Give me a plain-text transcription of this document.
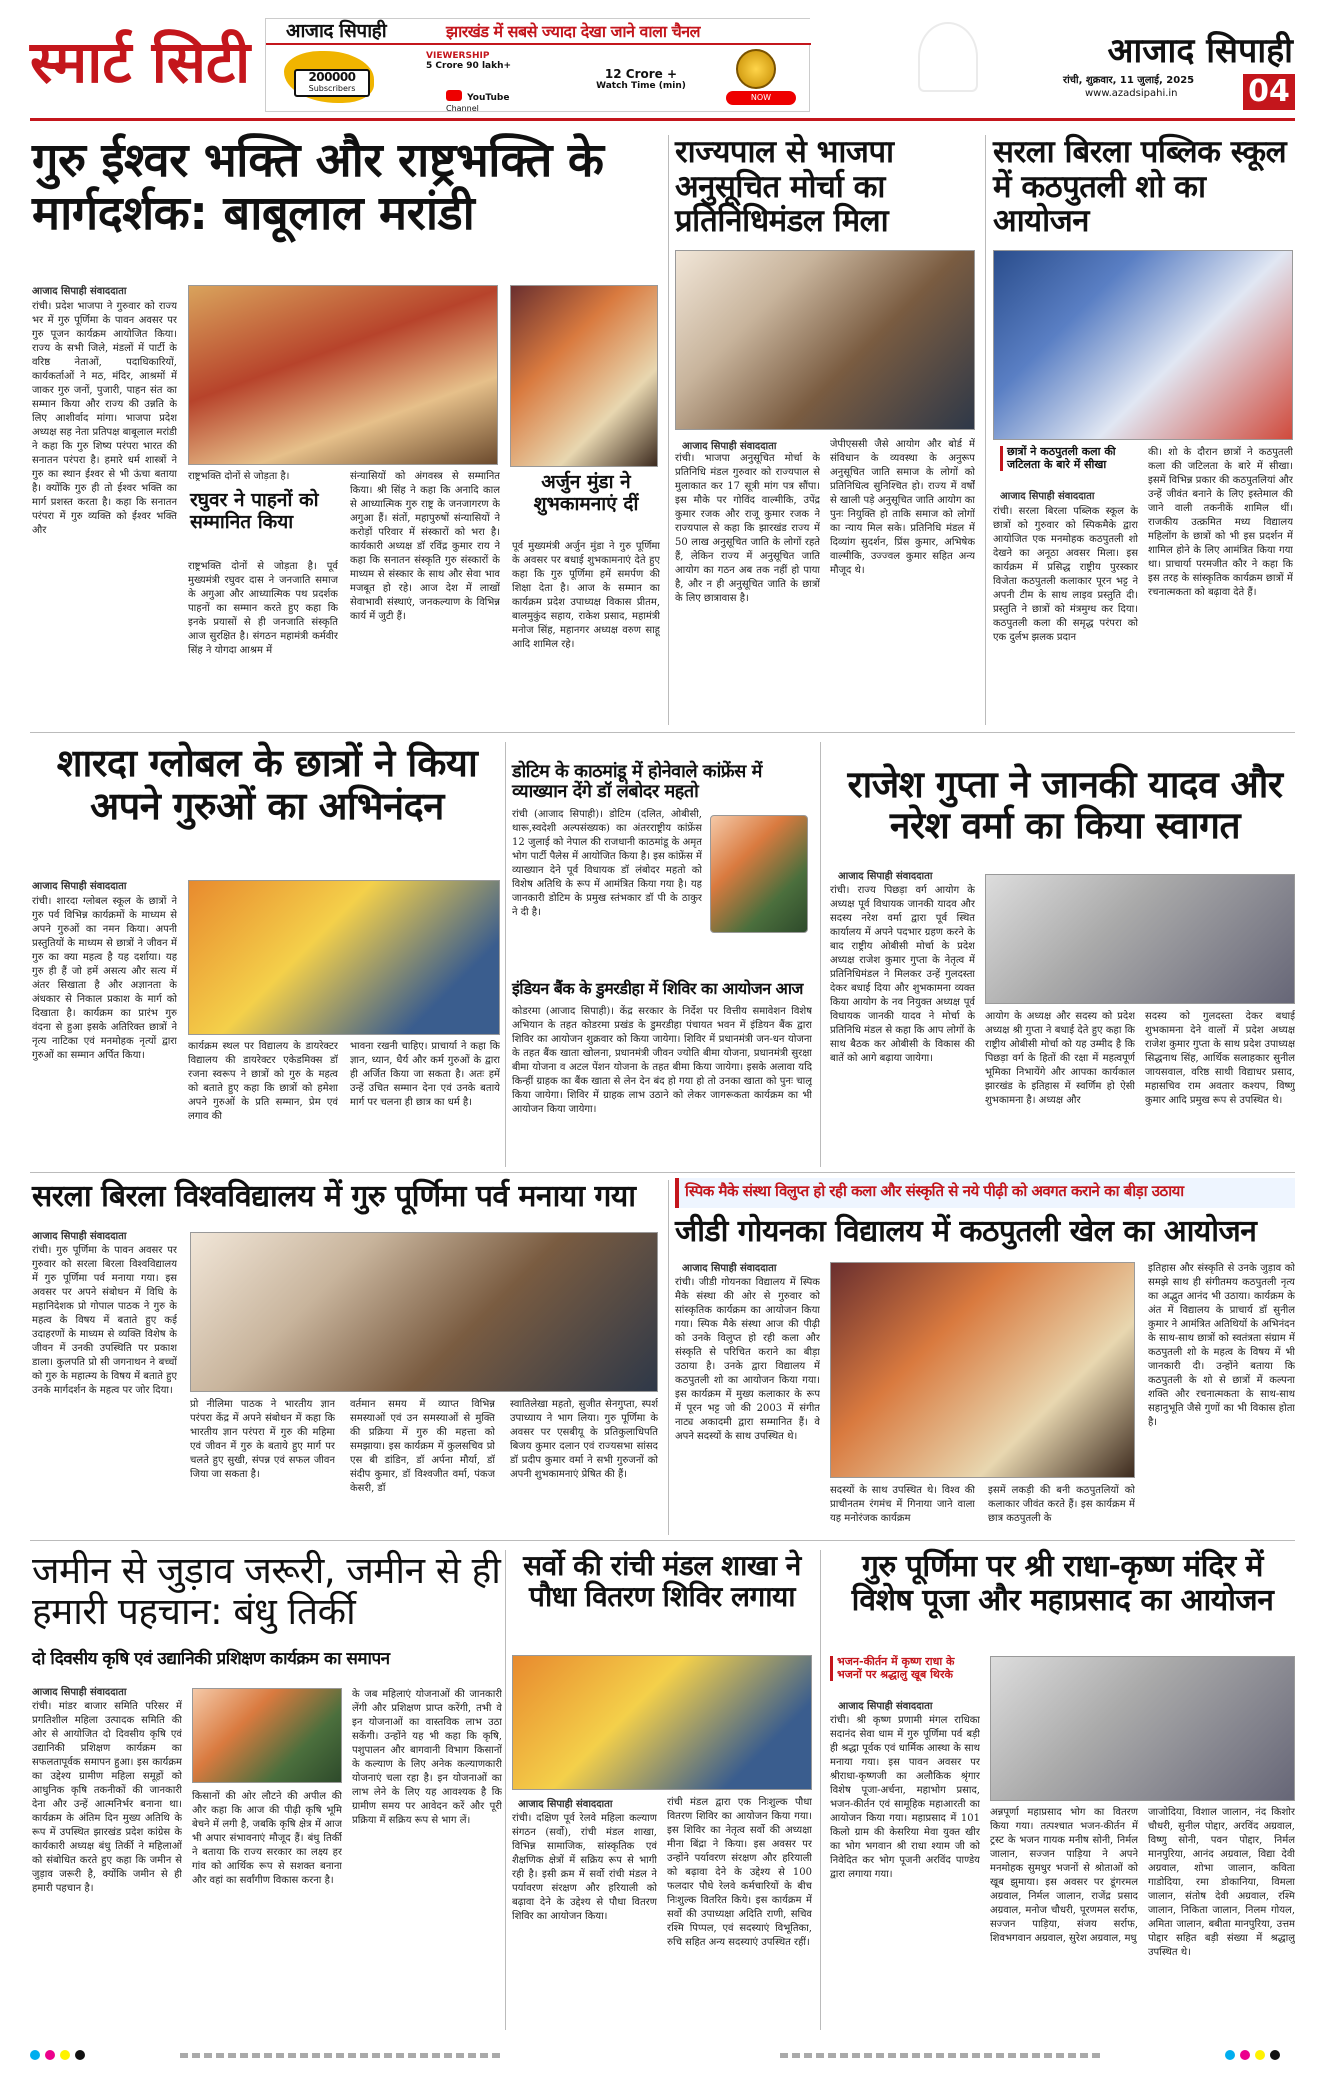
स्मार्ट सिटी आजाद सिपाही	झारखंड में सबसे ज्यादा देखा जाने वाला चैनल
200000
Subscribers
VIEWERSHIP
5 Crore 90 lakh+
12 Crore +
Watch Time (min)
YouTube
Channel
NOW
आजाद सिपाही
रांची, शुक्रवार, 11 जुलाई, 2025
www.azadsipahi.in 04
गुरु ईश्वर भक्ति और राष्ट्रभक्ति के मार्गदर्शक: बाबूलाल मरांडी
आजाद सिपाही संवाददाता
रांची। प्रदेश भाजपा ने गुरुवार को राज्य भर में गुरु पूर्णिमा के पावन अवसर पर गुरु पूजन कार्यक्रम आयोजित किया। राज्य के सभी जिले, मंडलों में पार्टी के वरिष्ठ नेताओं, पदाधिकारियों, कार्यकर्ताओं ने मठ, मंदिर, आश्रमों में जाकर गुरु जनों, पुजारी, पाहन संत का सम्मान किया और राज्य की उन्नति के लिए आशीर्वाद मांगा। भाजपा प्रदेश अध्यक्ष सह नेता प्रतिपक्ष बाबूलाल मरांडी ने कहा कि गुरु शिष्य परंपरा भारत की सनातन परंपरा है। हमारे धर्म शास्त्रों ने गुरु का स्थान ईश्वर से भी ऊंचा बताया है। क्योंकि गुरु ही तो ईश्वर भक्ति का मार्ग प्रशस्त करता है। कहा कि सनातन परंपरा में गुरु व्यक्ति को ईश्वर भक्ति और
राष्ट्रभक्ति दोनों से जोड़ता है।
रघुवर ने पाहनों को सम्मानित किया
राष्ट्रभक्ति दोनों से जोड़ता है। पूर्व मुख्यमंत्री रघुवर दास ने जनजाति समाज के अगुआ और आध्यात्मिक पथ प्रदर्शक पाहनों का सम्मान करते हुए कहा कि इनके प्रयासों से ही जनजाति संस्कृति आज सुरक्षित है। संगठन महामंत्री कर्मवीर सिंह ने योगदा आश्रम में
संन्यासियों को अंगवस्त्र से सम्मानित किया। श्री सिंह ने कहा कि अनादि काल से आध्यात्मिक गुरु राष्ट्र के जनजागरण के अगुआ हैं। संतों, महापुरुषों संन्यासियों ने करोड़ों परिवार में संस्कारों को भरा है। कार्यकारी अध्यक्ष डॉ रविंद्र कुमार राय ने कहा कि सनातन संस्कृति गुरु संस्कारों के माध्यम से संस्कार के साथ और सेवा भाव मजबूत हो रहे। आज देश में लाखों सेवाभावी संस्थाएं, जनकल्याण के विभिन्न कार्य में जुटी हैं।
अर्जुन मुंडा ने शुभकामनाएं दीं
पूर्व मुख्यमंत्री अर्जुन मुंडा ने गुरु पूर्णिमा के अवसर पर बधाई शुभकामनाएं देते हुए कहा कि गुरु पूर्णिमा हमें समर्पण की शिक्षा देता है। आज के सम्मान का कार्यक्रम प्रदेश उपाध्यक्ष विकास प्रीतम, बालमुकुंद सहाय, राकेश प्रसाद, महामंत्री मनोज सिंह, महानगर अध्यक्ष वरुण साहू आदि शामिल रहे।
राज्यपाल से भाजपा अनुसूचित मोर्चा का प्रतिनिधिमंडल मिला
आजाद सिपाही संवाददाता
रांची। भाजपा अनुसूचित मोर्चा के प्रतिनिधि मंडल गुरुवार को राज्यपाल से मुलाकात कर 17 सूत्री मांग पत्र सौंपा। इस मौके पर गोविंद वाल्मीकि, उपेंद्र कुमार रजक और राजू कुमार रजक ने राज्यपाल से कहा कि झारखंड राज्य में 50 लाख अनुसूचित जाति के लोगों रहते हैं, लेकिन राज्य में अनुसूचित जाति आयोग का गठन अब तक नहीं हो पाया है, और न ही अनुसूचित जाति के छात्रों के लिए छात्रावास है।
जेपीएससी जैसे आयोग और बोर्ड में संविधान के व्यवस्था के अनुरूप अनुसूचित जाति समाज के लोगों को प्रतिनिधित्व सुनिश्चित हो। राज्य में वर्षों से खाली पड़े अनुसूचित जाति आयोग का पुनः नियुक्ति हो ताकि समाज को लोगों का न्याय मिल सके। प्रतिनिधि मंडल में दिव्यांग सुदर्शन, प्रिंस कुमार, अभिषेक वाल्मीकि, उज्ज्वल कुमार सहित अन्य मौजूद थे।
सरला बिरला पब्लिक स्कूल में कठपुतली शो का आयोजन
छात्रों ने कठपुतली कला की जटिलता के बारे में सीखा
आजाद सिपाही संवाददाता
रांची। सरला बिरला पब्लिक स्कूल के छात्रों को गुरुवार को स्पिकमैके द्वारा आयोजित एक मनमोहक कठपुतली शो देखने का अनूठा अवसर मिला। इस कार्यक्रम में प्रसिद्ध राष्ट्रीय पुरस्कार विजेता कठपुतली कलाकार पूरन भट्ट ने अपनी टीम के साथ लाइव प्रस्तुति दी। प्रस्तुति ने छात्रों को मंत्रमुग्ध कर दिया। कठपुतली कला की समृद्ध परंपरा को एक दुर्लभ झलक प्रदान
की। शो के दौरान छात्रों ने कठपुतली कला की जटिलता के बारे में सीखा। इसमें विभिन्न प्रकार की कठपुतलियां और उन्हें जीवंत बनाने के लिए इस्तेमाल की जाने वाली तकनीकें शामिल थीं। राजकीय उत्क्रमित मध्य विद्यालय महिलोंग के छात्रों को भी इस प्रदर्शन में शामिल होने के लिए आमंत्रित किया गया था। प्राचार्या परमजीत कौर ने कहा कि इस तरह के सांस्कृतिक कार्यक्रम छात्रों में रचनात्मकता को बढ़ावा देते हैं।
शारदा ग्लोबल के छात्रों ने किया अपने गुरुओं का अभिनंदन
आजाद सिपाही संवाददाता
रांची। शारदा ग्लोबल स्कूल के छात्रों ने गुरु पर्व विभिन्न कार्यक्रमों के माध्यम से अपने गुरुओं का नमन किया। अपनी प्रस्तुतियों के माध्यम से छात्रों ने जीवन में गुरु का क्या महत्व है यह दर्शाया। यह गुरु ही हैं जो हमें असत्य और सत्य में अंतर सिखाता है और अज्ञानता के अंधकार से निकाल प्रकाश के मार्ग को दिखाता है। कार्यक्रम का प्रारंभ गुरु वंदना से हुआ इसके अतिरिक्त छात्रों ने नृत्य नाटिका एवं मनमोहक नृत्यों द्वारा गुरुओं का सम्मान अर्पित किया।
कार्यक्रम स्थल पर विद्यालय के डायरेक्टर विद्यालय की डायरेक्टर एकेडमिक्स डॉ रजना स्वरूप ने छात्रों को गुरु के महत्व को बताते हुए कहा कि छात्रों को हमेशा अपने गुरुओं के प्रति सम्मान, प्रेम एवं लगाव की
भावना रखनी चाहिए। प्राचार्या ने कहा कि ज्ञान, ध्यान, धैर्य और कर्म गुरुओं के द्वारा ही अर्जित किया जा सकता है। अतः हमें उन्हें उचित सम्मान देना एवं उनके बताये मार्ग पर चलना ही छात्र का धर्म है।
डोटिम के काठमांडू में होनेवाले कांफ्रेंस में व्याख्यान देंगे डॉ लंबोदर महतो
रांची (आजाद सिपाही)। डोटिम (दलित, ओबीसी, थारू,स्वदेशी अल्पसंख्यक) का अंतरराष्ट्रीय कांफ्रेंस 12 जुलाई को नेपाल की राजधानी काठमांडू के अमृत भोग पार्टी पैलेस में आयोजित किया है। इस कांफ्रेंस में व्याख्यान देने पूर्व विधायक डॉ लंबोदर महतो को विशेष अतिथि के रूप में आमंत्रित किया गया है। यह जानकारी डोटिम के प्रमुख स्तंभकार डॉ पी के ठाकुर ने दी है।
इंडियन बैंक के डुमरडीहा में शिविर का आयोजन आज
कोडरमा (आजाद सिपाही)। केंद्र सरकार के निर्देश पर वित्तीय समावेशन विशेष अभियान के तहत कोडरमा प्रखंड के डुमरडीहा पंचायत भवन में इंडियन बैंक द्वारा शिविर का आयोजन शुक्रवार को किया जायेगा। शिविर में प्रधानमंत्री जन-धन योजना के तहत बैंक खाता खोलना, प्रधानमंत्री जीवन ज्योति बीमा योजना, प्रधानमंत्री सुरक्षा बीमा योजना व अटल पेंशन योजना के तहत बीमा किया जायेगा। इसके अलावा यदि किन्हीं ग्राहक का बैंक खाता से लेन देन बंद हो गया हो तो उनका खाता को पुनः चालू किया जायेगा। शिविर में ग्राहक लाभ उठाने को लेकर जागरूकता कार्यक्रम का भी आयोजन किया जायेगा।
राजेश गुप्ता ने जानकी यादव और नरेश वर्मा का किया स्वागत
आजाद सिपाही संवाददाता
रांची। राज्य पिछड़ा वर्ग आयोग के अध्यक्ष पूर्व विधायक जानकी यादव और सदस्य नरेश वर्मा द्वारा पूर्व स्थित कार्यालय में अपने पदभार ग्रहण करने के बाद राष्ट्रीय ओबीसी मोर्चा के प्रदेश अध्यक्ष राजेश कुमार गुप्ता के नेतृत्व में प्रतिनिधिमंडल ने मिलकर उन्हें गुलदस्ता देकर बधाई दिया और शुभकामना व्यक्त किया आयोग के नव नियुक्त अध्यक्ष पूर्व विधायक जानकी यादव ने मोर्चा के प्रतिनिधि मंडल से कहा कि आप लोगों के साथ बैठक कर ओबीसी के विकास की बातें को आगे बढ़ाया जायेगा।
आयोग के अध्यक्ष और सदस्य को प्रदेश अध्यक्ष श्री गुप्ता ने बधाई देते हुए कहा कि राष्ट्रीय ओबीसी मोर्चा को यह उम्मीद है कि पिछड़ा वर्ग के हितों की रक्षा में महत्वपूर्ण भूमिका निभायेंगे और आपका कार्यकाल झारखंड के इतिहास में स्वर्णिम हो ऐसी शुभकामना है। अध्यक्ष और
सदस्य को गुलदस्ता देकर बधाई शुभकामना देने वालों में प्रदेश अध्यक्ष राजेश कुमार गुप्ता के साथ प्रदेश उपाध्यक्ष सिद्धनाथ सिंह, आर्थिक सलाहकार सुनील जायसवाल, वरिष्ठ साथी विद्याधर प्रसाद, महासचिव राम अवतार कश्यप, विष्णु कुमार आदि प्रमुख रूप से उपस्थित थे।
सरला बिरला विश्वविद्यालय में गुरु पूर्णिमा पर्व मनाया गया
आजाद सिपाही संवाददाता
रांची। गुरु पूर्णिमा के पावन अवसर पर गुरुवार को सरला बिरला विश्वविद्यालय में गुरु पूर्णिमा पर्व मनाया गया। इस अवसर पर अपने संबोधन में विधि के महानिदेशक प्रो गोपाल पाठक ने गुरु के महत्व के विषय में बताते हुए कई उदाहरणों के माध्यम से व्यक्ति विशेष के जीवन में उनकी उपस्थिति पर प्रकाश डाला। कुलपति प्रो सी जगनाथन ने बच्चों को गुरु के महात्म्य के विषय में बताते हुए उनके मार्गदर्शन के महत्व पर जोर दिया।
प्रो नीलिमा पाठक ने भारतीय ज्ञान परंपरा केंद्र में अपने संबोधन में कहा कि भारतीय ज्ञान परंपरा में गुरु की महिमा एवं जीवन में गुरु के बताये हुए मार्ग पर चलते हुए सुखी, संपन्न एवं सफल जीवन जिया जा सकता है।
वर्तमान समय में व्याप्त विभिन्न समस्याओं एवं उन समस्याओं से मुक्ति की प्रक्रिया में गुरु की महत्ता को समझाया। इस कार्यक्रम में कुलसचिव प्रो एस बी डांडिन, डॉ अर्पना मौर्या, डॉ संदीप कुमार, डॉ विश्वजीत वर्मा, पंकज केसरी, डॉ
स्वातिलेखा महतो, सुजीत सेनगुप्ता, स्पर्श उपाध्याय ने भाग लिया। गुरु पूर्णिमा के अवसर पर एसबीयू के प्रतिकुलाधिपति बिजय कुमार दलान एवं राज्यसभा सांसद डॉ प्रदीप कुमार वर्मा ने सभी गुरुजनों को अपनी शुभकामनाएं प्रेषित की हैं।
स्पिक मैके संस्था विलुप्त हो रही कला और संस्कृति से नये पीढ़ी को अवगत कराने का बीड़ा उठाया
जीडी गोयनका विद्यालय में कठपुतली खेल का आयोजन
आजाद सिपाही संवाददाता
रांची। जीडी गोयनका विद्यालय में स्पिक मैके संस्था की ओर से गुरुवार को सांस्कृतिक कार्यक्रम का आयोजन किया गया। स्पिक मैके संस्था आज की पीढ़ी को उनके विलुप्त हो रही कला और संस्कृति से परिचित कराने का बीड़ा उठाया है। उनके द्वारा विद्यालय में कठपुतली शो का आयोजन किया गया। इस कार्यक्रम में मुख्य कलाकार के रूप में पूरन भट्ट जो की 2003 में संगीत नाट्य अकादमी द्वारा सम्मानित हैं। वे अपने सदस्यों के साथ उपस्थित थे।
सदस्यों के साथ उपस्थित थे। विश्व की प्राचीनतम रंगमंच में गिनाया जाने वाला यह मनोरंजक कार्यक्रम
इसमें लकड़ी की बनी कठपुतलियों को कलाकार जीवंत करते हैं। इस कार्यक्रम में छात्र कठपुतली के
इतिहास और संस्कृति से उनके जुड़ाव को समझे साथ ही संगीतमय कठपुतली नृत्य का अद्भुत आनंद भी उठाया। कार्यक्रम के अंत में विद्यालय के प्राचार्य डॉ सुनील कुमार ने आमंत्रित अतिथियों के अभिनंदन के साथ-साथ छात्रों को स्वतंत्रता संग्राम में कठपुतली शो के महत्व के विषय में भी जानकारी दी। उन्होंने बताया कि कठपुतली के शो से छात्रों में कल्पना शक्ति और रचनात्मकता के साथ-साथ सहानुभूति जैसे गुणों का भी विकास होता है।
जमीन से जुड़ाव जरूरी, जमीन से ही हमारी पहचान: बंधु तिर्की
दो दिवसीय कृषि एवं उद्यानिकी प्रशिक्षण कार्यक्रम का समापन
आजाद सिपाही संवाददाता
रांची। मांडर बाजार समिति परिसर में प्रगतिशील महिला उत्पादक समिति की ओर से आयोजित दो दिवसीय कृषि एवं उद्यानिकी प्रशिक्षण कार्यक्रम का सफलतापूर्वक समापन हुआ। इस कार्यक्रम का उद्देश्य ग्रामीण महिला समूहों को आधुनिक कृषि तकनीकों की जानकारी देना और उन्हें आत्मनिर्भर बनाना था। कार्यक्रम के अंतिम दिन मुख्य अतिथि के रूप में उपस्थित झारखंड प्रदेश कांग्रेस के कार्यकारी अध्यक्ष बंधु तिर्की ने महिलाओं को संबोधित करते हुए कहा कि जमीन से जुड़ाव जरूरी है, क्योंकि जमीन से ही हमारी पहचान है।
किसानों की ओर लौटने की अपील की और कहा कि आज की पीढ़ी कृषि भूमि बेचने में लगी है, जबकि कृषि क्षेत्र में आज भी अपार संभावनाएं मौजूद हैं। बंधु तिर्की ने बताया कि राज्य सरकार का लक्ष्य हर गांव को आर्थिक रूप से सशक्त बनाना और वहां का सर्वांगीण विकास करना है।
के जब महिलाएं योजनाओं की जानकारी लेंगी और प्रशिक्षण प्राप्त करेंगी, तभी वे इन योजनाओं का वास्तविक लाभ उठा सकेंगी। उन्होंने यह भी कहा कि कृषि, पशुपालन और बागवानी विभाग किसानों के कल्याण के लिए अनेक कल्याणकारी योजनाएं चला रहा है। इन योजनाओं का लाभ लेने के लिए यह आवश्यक है कि ग्रामीण समय पर आवेदन करें और पूरी प्रक्रिया में सक्रिय रूप से भाग लें।
सर्वो की रांची मंडल शाखा ने पौधा वितरण शिविर लगाया
आजाद सिपाही संवाददाता
रांची। दक्षिण पूर्व रेलवे महिला कल्याण संगठन (सर्वो), रांची मंडल शाखा, विभिन्न सामाजिक, सांस्कृतिक एवं शैक्षणिक क्षेत्रों में सक्रिय रूप से भागी रही है। इसी क्रम में सर्वो रांची मंडल ने पर्यावरण संरक्षण और हरियाली को बढ़ावा देने के उद्देश्य से पौधा वितरण शिविर का आयोजन किया।
रांची मंडल द्वारा एक निःशुल्क पौधा वितरण शिविर का आयोजन किया गया। इस शिविर का नेतृत्व सर्वो की अध्यक्षा मीना बिंद्रा ने किया। इस अवसर पर उन्होंने पर्यावरण संरक्षण और हरियाली को बढ़ावा देने के उद्देश्य से 100 फलदार पौधे रेलवे कर्मचारियों के बीच निःशुल्क वितरित किये। इस कार्यक्रम में सर्वो की उपाध्यक्षा अदिति राणी, सचिव रश्मि पिप्पल, एवं सदस्याएं विभूतिका, रुचि सहित अन्य सदस्याएं उपस्थित रहीं।
गुरु पूर्णिमा पर श्री राधा-कृष्ण मंदिर में विशेष पूजा और महाप्रसाद का आयोजन
भजन-कीर्तन में कृष्ण राधा के भजनों पर श्रद्धालु खूब थिरके
आजाद सिपाही संवाददाता
रांची। श्री कृष्ण प्रणामी मंगल राधिका सदानंद सेवा धाम में गुरु पूर्णिमा पर्व बड़ी ही श्रद्धा पूर्वक एवं धार्मिक आस्था के साथ मनाया गया। इस पावन अवसर पर श्रीराधा-कृष्णजी का अलौकिक श्रृंगार विशेष पूजा-अर्चना, महाभोग प्रसाद, भजन-कीर्तन एवं सामूहिक महाआरती का आयोजन किया गया। महाप्रसाद में 101 किलो ग्राम की केसरिया मेवा युक्त खीर का भोग भगवान श्री राधा श्याम जी को निवेदित कर भोग पूजनी अरविंद पाण्डेय द्वारा लगाया गया।
अन्नपूर्णा महाप्रसाद भोग का वितरण किया गया। तत्पश्चात भजन-कीर्तन में ट्रस्ट के भजन गायक मनीष सोनी, निर्मल जालान, सज्जन पाड़िया ने अपने मनमोहक सुमधुर भजनों से श्रोताओं को खूब झुमाया। इस अवसर पर डूंगरमल अग्रवाल, निर्मल जालान, राजेंद्र प्रसाद अग्रवाल, मनोज चौधरी, पूरणमल सर्राफ, सज्जन पाड़िया, संजय सर्राफ, शिवभगवान अग्रवाल, सुरेश अग्रवाल, मधु
जाजोदिया, विशाल जालान, नंद किशोर चौधरी, सुनील पोद्दार, अरविंद अग्रवाल, विष्णु सोनी, पवन पोद्दार, निर्मल मानपुरिया, आनंद अग्रवाल, विद्या देवी अग्रवाल, शोभा जालान, कविता गाडोदिया, रमा डोकानिया, विमला जालान, संतोष देवी अग्रवाल, रश्मि जालान, निकिता जालान, निलम गोयल, अमिता जालान, बबीता मानपुरिया, उत्तम पोद्दार सहित बड़ी संख्या में श्रद्धालु उपस्थित थे।
